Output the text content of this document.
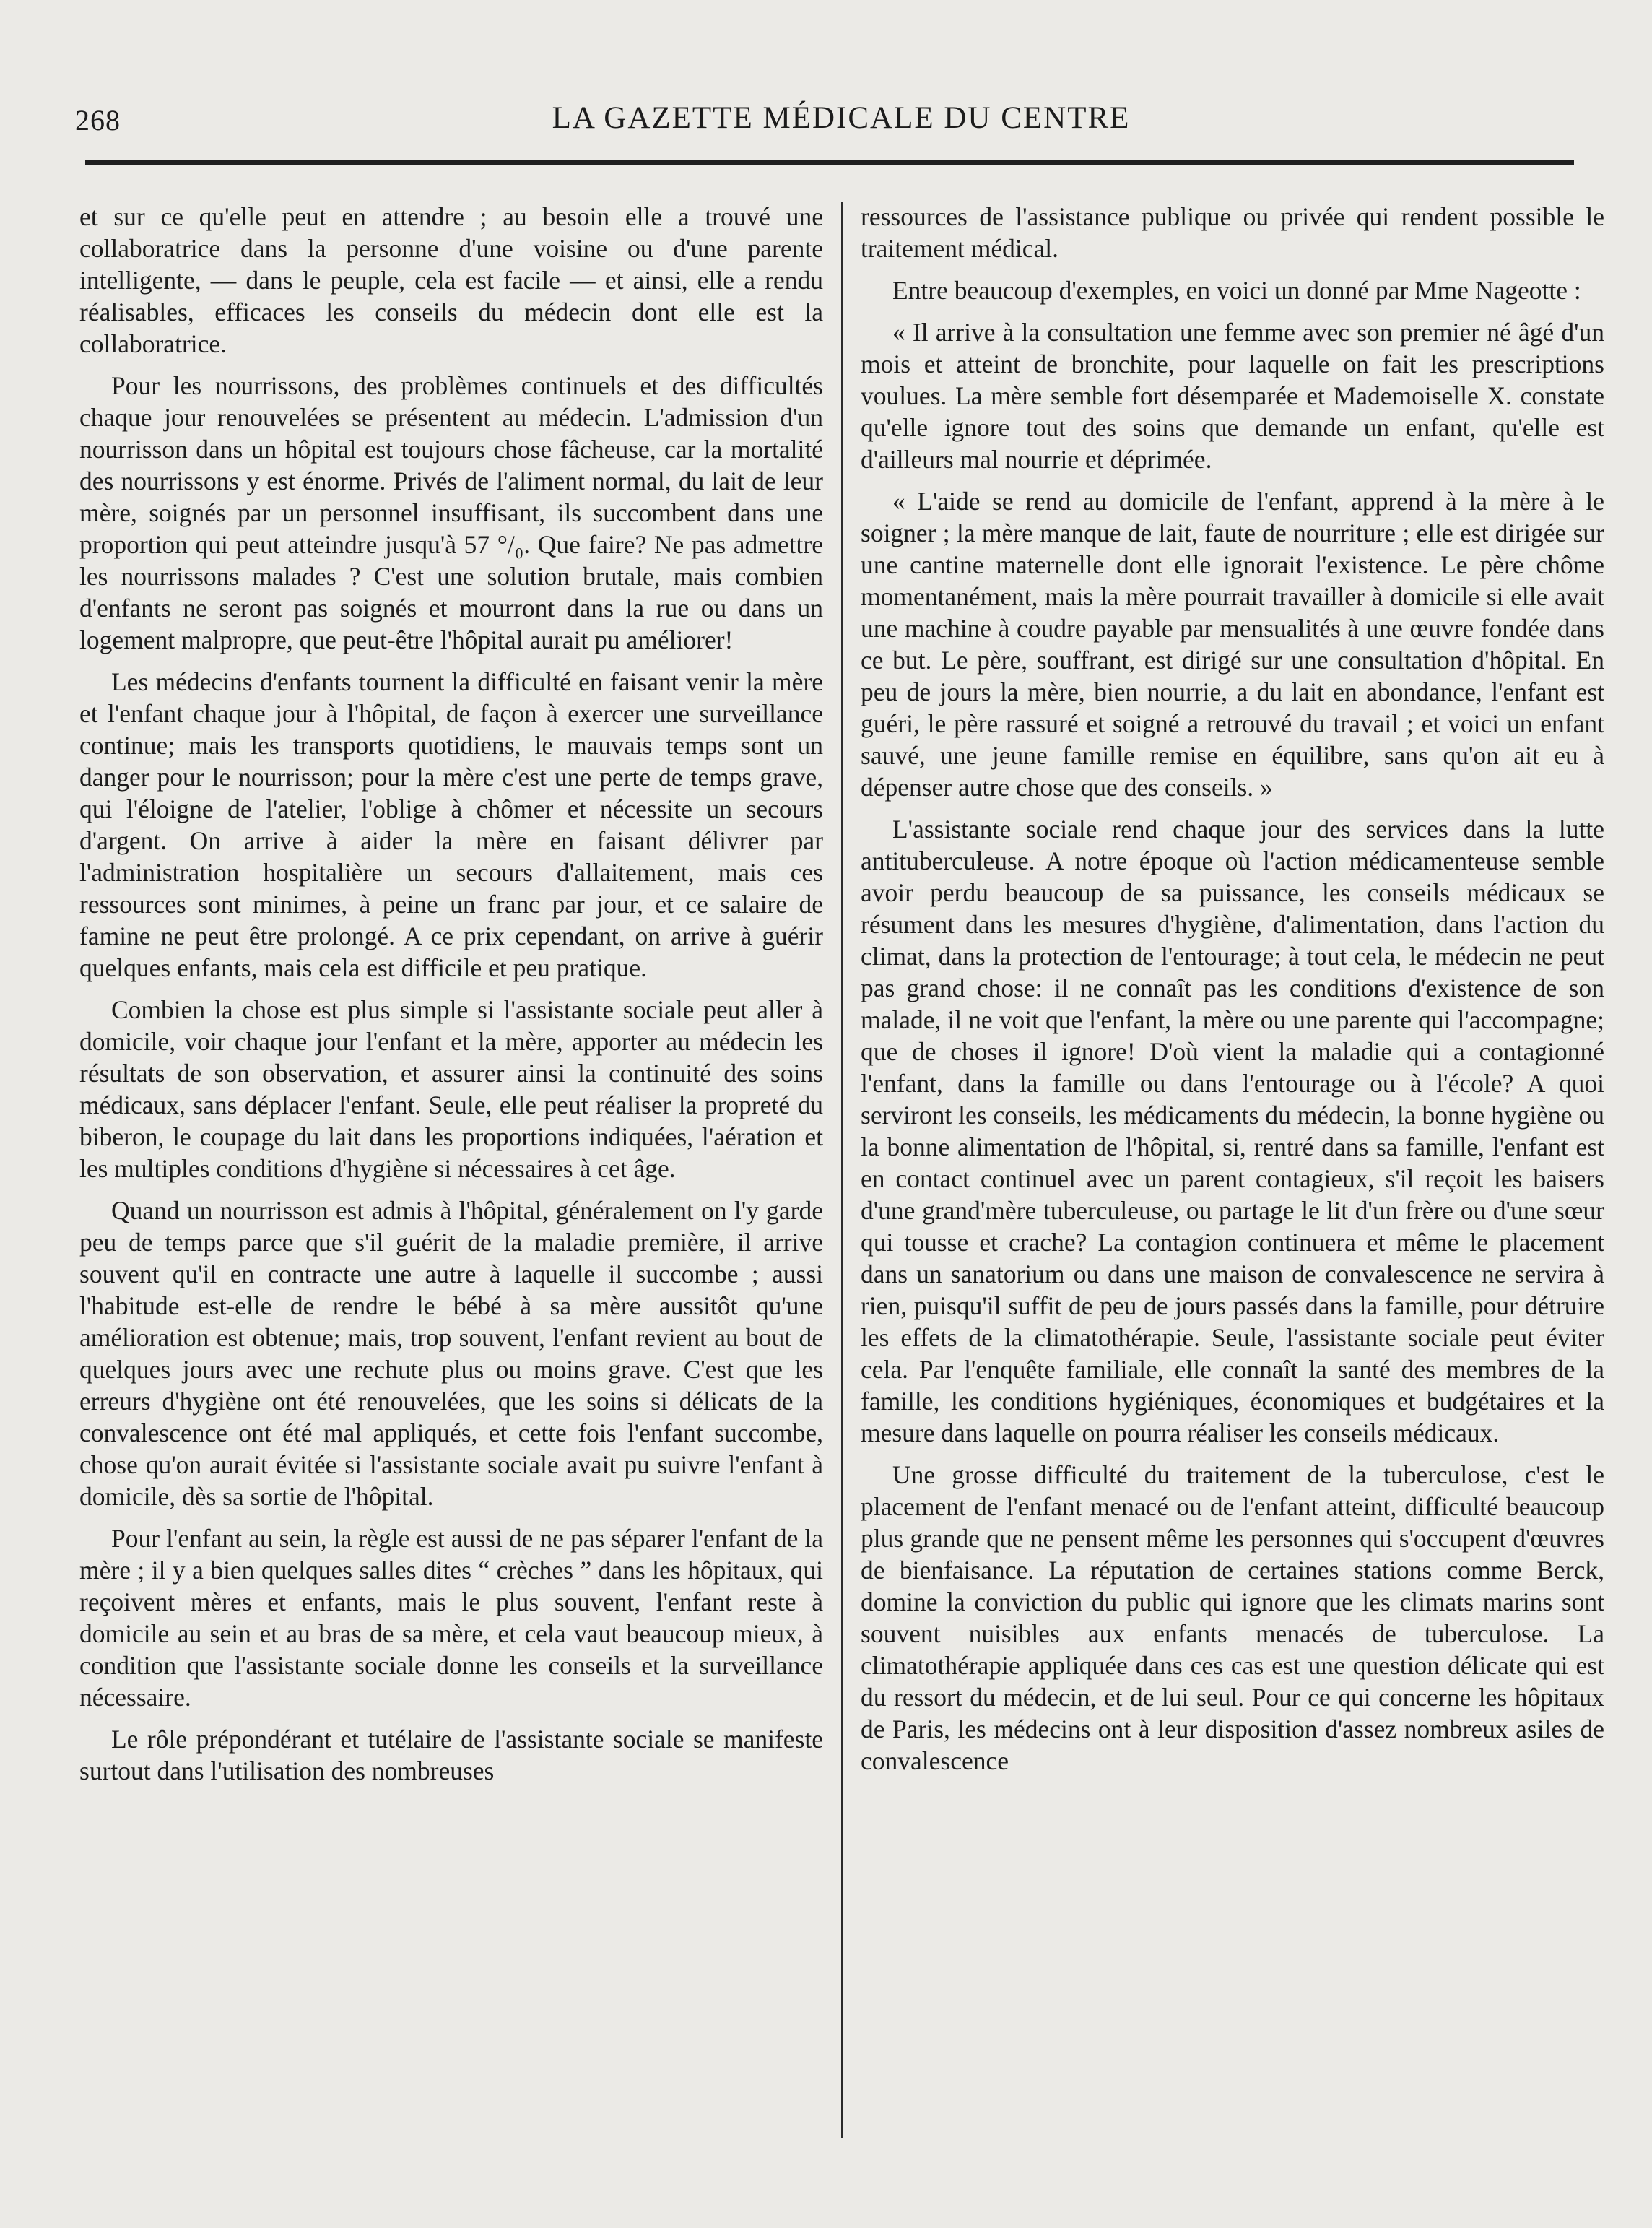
268	LA GAZETTE MÉDICALE DU CENTRE

et sur ce qu'elle peut en attendre ; au besoin elle a trouvé une collaboratrice dans la personne d'une voisine ou d'une parente intelligente, — dans le peuple, cela est facile — et ainsi, elle a rendu réalisables, efficaces les conseils du médecin dont elle est la collaboratrice.

Pour les nourrissons, des problèmes continuels et des difficultés chaque jour renouvelées se présentent au médecin. L'admission d'un nourrisson dans un hôpital est toujours chose fâcheuse, car la mortalité des nourrissons y est énorme. Privés de l'aliment normal, du lait de leur mère, soignés par un personnel insuffisant, ils succombent dans une proportion qui peut atteindre jusqu'à 57 °/₀. Que faire? Ne pas admettre les nourrissons malades ? C'est une solution brutale, mais combien d'enfants ne seront pas soignés et mourront dans la rue ou dans un logement malpropre, que peut-être l'hôpital aurait pu améliorer!

Les médecins d'enfants tournent la difficulté en faisant venir la mère et l'enfant chaque jour à l'hôpital, de façon à exercer une surveillance continue; mais les transports quotidiens, le mauvais temps sont un danger pour le nourrisson; pour la mère c'est une perte de temps grave, qui l'éloigne de l'atelier, l'oblige à chômer et nécessite un secours d'argent. On arrive à aider la mère en faisant délivrer par l'administration hospitalière un secours d'allaitement, mais ces ressources sont minimes, à peine un franc par jour, et ce salaire de famine ne peut être prolongé. A ce prix cependant, on arrive à guérir quelques enfants, mais cela est difficile et peu pratique.

Combien la chose est plus simple si l'assistante sociale peut aller à domicile, voir chaque jour l'enfant et la mère, apporter au médecin les résultats de son observation, et assurer ainsi la continuité des soins médicaux, sans déplacer l'enfant. Seule, elle peut réaliser la propreté du biberon, le coupage du lait dans les proportions indiquées, l'aération et les multiples conditions d'hygiène si nécessaires à cet âge.

Quand un nourrisson est admis à l'hôpital, généralement on l'y garde peu de temps parce que s'il guérit de la maladie première, il arrive souvent qu'il en contracte une autre à laquelle il succombe ; aussi l'habitude est-elle de rendre le bébé à sa mère aussitôt qu'une amélioration est obtenue; mais, trop souvent, l'enfant revient au bout de quelques jours avec une rechute plus ou moins grave. C'est que les erreurs d'hygiène ont été renouvelées, que les soins si délicats de la convalescence ont été mal appliqués, et cette fois l'enfant succombe, chose qu'on aurait évitée si l'assistante sociale avait pu suivre l'enfant à domicile, dès sa sortie de l'hôpital.

Pour l'enfant au sein, la règle est aussi de ne pas séparer l'enfant de la mère ; il y a bien quelques salles dites “ crèches ” dans les hôpitaux, qui reçoivent mères et enfants, mais le plus souvent, l'enfant reste à domicile au sein et au bras de sa mère, et cela vaut beaucoup mieux, à condition que l'assistante sociale donne les conseils et la surveillance nécessaire.

Le rôle prépondérant et tutélaire de l'assistante sociale se manifeste surtout dans l'utilisation des nombreuses

ressources de l'assistance publique ou privée qui rendent possible le traitement médical.

Entre beaucoup d'exemples, en voici un donné par Mme Nageotte :

« Il arrive à la consultation une femme avec son premier né âgé d'un mois et atteint de bronchite, pour laquelle on fait les prescriptions voulues. La mère semble fort désemparée et Mademoiselle X. constate qu'elle ignore tout des soins que demande un enfant, qu'elle est d'ailleurs mal nourrie et déprimée.

« L'aide se rend au domicile de l'enfant, apprend à la mère à le soigner ; la mère manque de lait, faute de nourriture ; elle est dirigée sur une cantine maternelle dont elle ignorait l'existence. Le père chôme momentanément, mais la mère pourrait travailler à domicile si elle avait une machine à coudre payable par mensualités à une œuvre fondée dans ce but. Le père, souffrant, est dirigé sur une consultation d'hôpital. En peu de jours la mère, bien nourrie, a du lait en abondance, l'enfant est guéri, le père rassuré et soigné a retrouvé du travail ; et voici un enfant sauvé, une jeune famille remise en équilibre, sans qu'on ait eu à dépenser autre chose que des conseils. »

L'assistante sociale rend chaque jour des services dans la lutte antituberculeuse. A notre époque où l'action médicamenteuse semble avoir perdu beaucoup de sa puissance, les conseils médicaux se résument dans les mesures d'hygiène, d'alimentation, dans l'action du climat, dans la protection de l'entourage; à tout cela, le médecin ne peut pas grand chose: il ne connaît pas les conditions d'existence de son malade, il ne voit que l'enfant, la mère ou une parente qui l'accompagne; que de choses il ignore! D'où vient la maladie qui a contagionné l'enfant, dans la famille ou dans l'entourage ou à l'école? A quoi serviront les conseils, les médicaments du médecin, la bonne hygiène ou la bonne alimentation de l'hôpital, si, rentré dans sa famille, l'enfant est en contact continuel avec un parent contagieux, s'il reçoit les baisers d'une grand'mère tuberculeuse, ou partage le lit d'un frère ou d'une sœur qui tousse et crache? La contagion continuera et même le placement dans un sanatorium ou dans une maison de convalescence ne servira à rien, puisqu'il suffit de peu de jours passés dans la famille, pour détruire les effets de la climatothérapie. Seule, l'assistante sociale peut éviter cela. Par l'enquête familiale, elle connaît la santé des membres de la famille, les conditions hygiéniques, économiques et budgétaires et la mesure dans laquelle on pourra réaliser les conseils médicaux.

Une grosse difficulté du traitement de la tuberculose, c'est le placement de l'enfant menacé ou de l'enfant atteint, difficulté beaucoup plus grande que ne pensent même les personnes qui s'occupent d'œuvres de bienfaisance. La réputation de certaines stations comme Berck, domine la conviction du public qui ignore que les climats marins sont souvent nuisibles aux enfants menacés de tuberculose. La climatothérapie appliquée dans ces cas est une question délicate qui est du ressort du médecin, et de lui seul. Pour ce qui concerne les hôpitaux de Paris, les médecins ont à leur disposition d'assez nombreux asiles de convalescence
